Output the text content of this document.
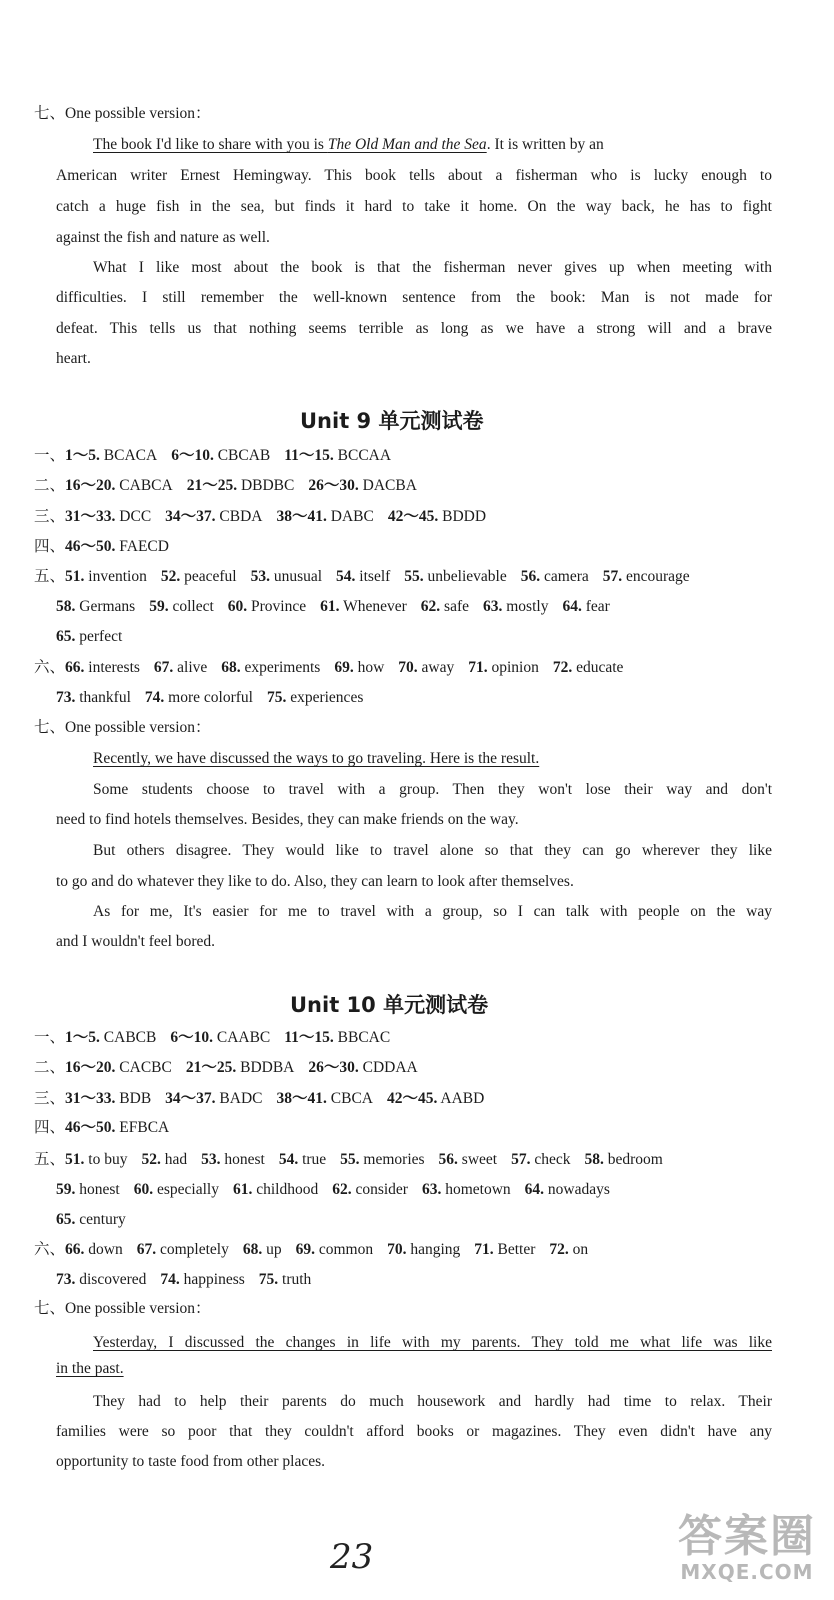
七、One possible version：
The book I'd like to share with you is The Old Man and the Sea. It is written by an
American writer Ernest Hemingway. This book tells about a fisherman who is lucky enough to
catch a huge fish in the sea, but finds it hard to take it home. On the way back, he has to fight
against the fish and nature as well.
What I like most about the book is that the fisherman never gives up when meeting with
difficulties. I still remember the well-known sentence from the book: Man is not made for
defeat. This tells us that nothing seems terrible as long as we have a strong will and a brave
heart.
Unit 9 单元测试卷
一、1～5. BCACA 6～10. CBCAB 11～15. BCCAA
二、16～20. CABCA 21～25. DBDBC 26～30. DACBA
三、31～33. DCC 34～37. CBDA 38～41. DABC 42～45. BDDD
四、46～50. FAECD
五、51. invention 52. peaceful 53. unusual 54. itself 55. unbelievable 56. camera 57. encourage
58. Germans 59. collect 60. Province 61. Whenever 62. safe 63. mostly 64. fear
65. perfect
六、66. interests 67. alive 68. experiments 69. how 70. away 71. opinion 72. educate
73. thankful 74. more colorful 75. experiences
七、One possible version：
Recently, we have discussed the ways to go traveling. Here is the result.
Some students choose to travel with a group. Then they won't lose their way and don't
need to find hotels themselves. Besides, they can make friends on the way.
But others disagree. They would like to travel alone so that they can go wherever they like
to go and do whatever they like to do. Also, they can learn to look after themselves.
As for me, It's easier for me to travel with a group, so I can talk with people on the way
and I wouldn't feel bored.
Unit 10 单元测试卷
一、1～5. CABCB 6～10. CAABC 11～15. BBCAC
二、16～20. CACBC 21～25. BDDBA 26～30. CDDAA
三、31～33. BDB 34～37. BADC 38～41. CBCA 42～45. AABD
四、46～50. EFBCA
五、51. to buy 52. had 53. honest 54. true 55. memories 56. sweet 57. check 58. bedroom
59. honest 60. especially 61. childhood 62. consider 63. hometown 64. nowadays
65. century
六、66. down 67. completely 68. up 69. common 70. hanging 71. Better 72. on
73. discovered 74. happiness 75. truth
七、One possible version：
Yesterday, I discussed the changes in life with my parents. They told me what life was like
in the past.
They had to help their parents do much housework and hardly had time to relax. Their
families were so poor that they couldn't afford books or magazines. They even didn't have any
opportunity to taste food from other places.
23	答案圈
MXQE.COM
